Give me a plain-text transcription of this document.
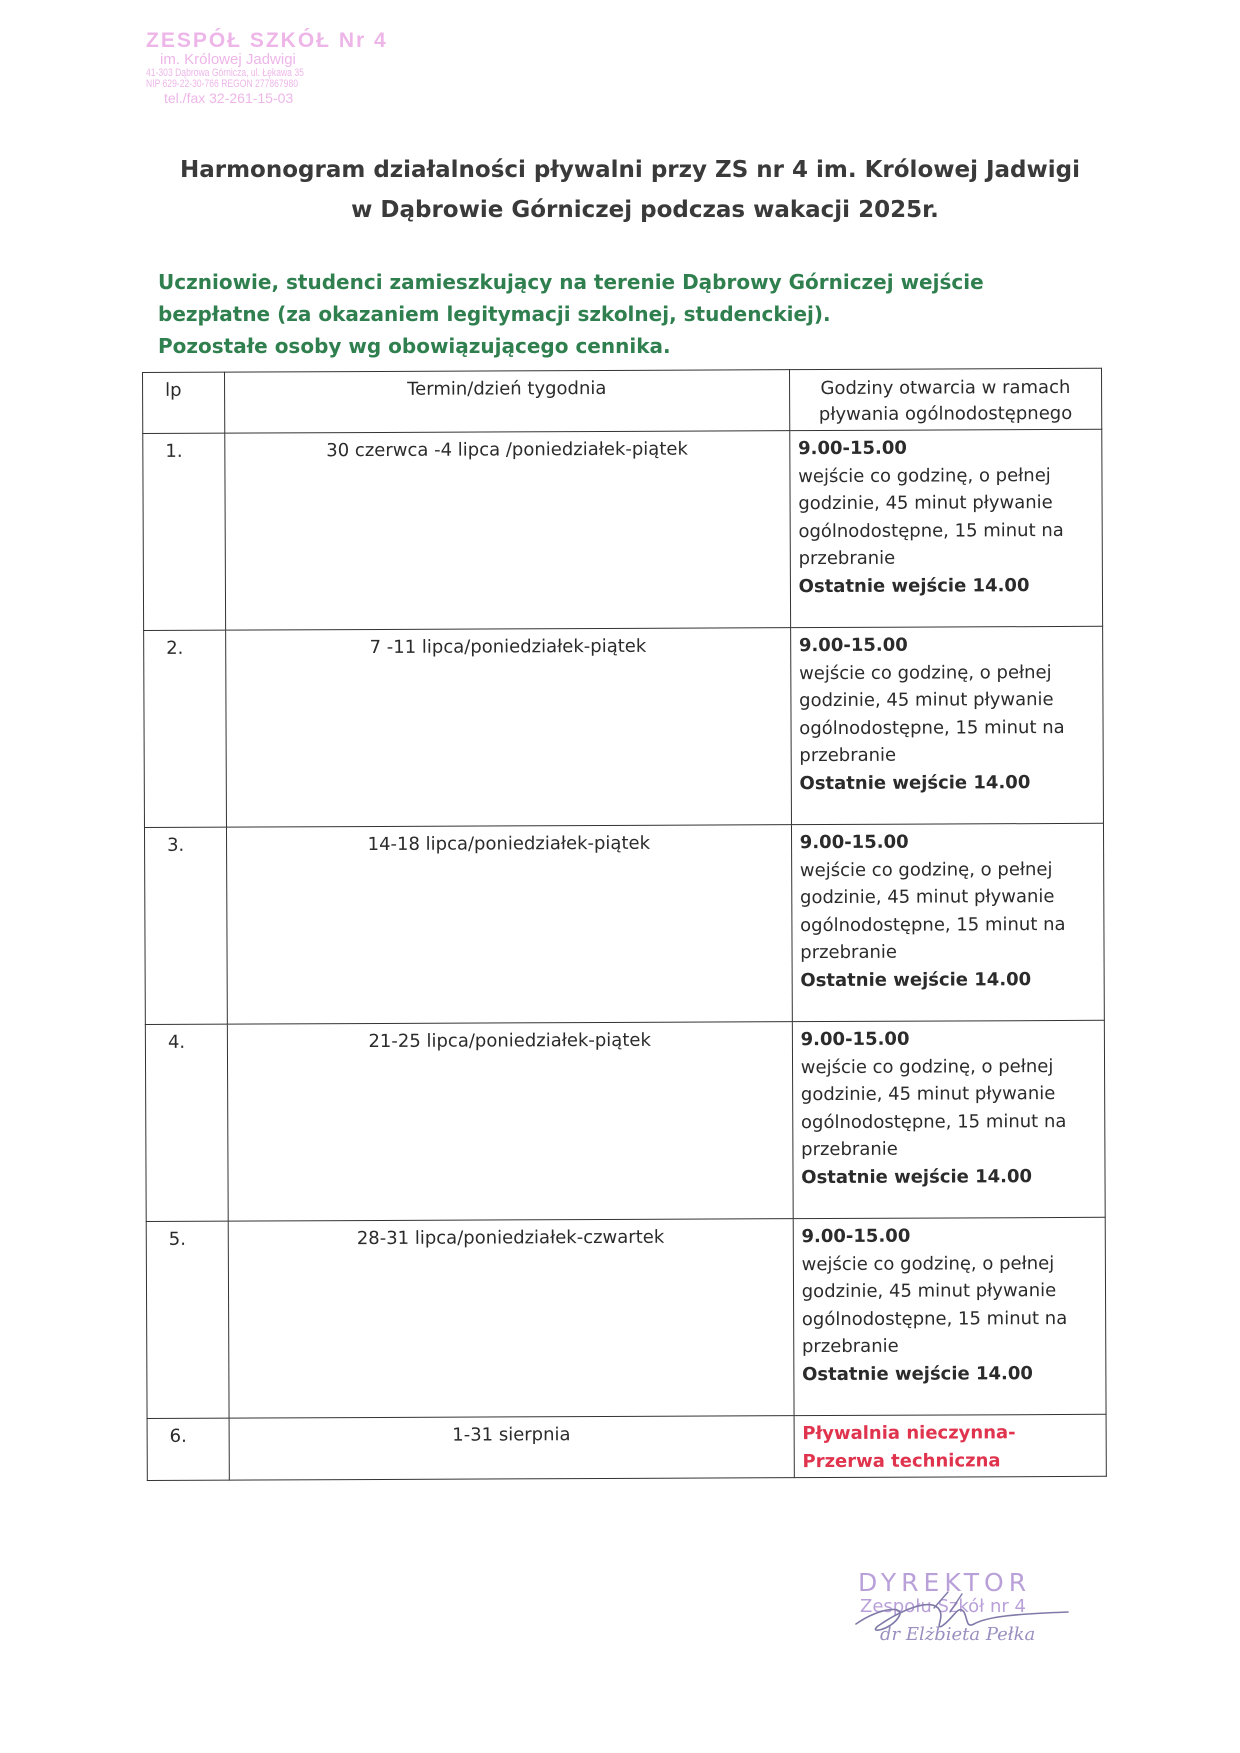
ZESPÓŁ SZKÓŁ Nr 4
im. Królowej Jadwigi
41-303 Dąbrowa Górnicza, ul. Łękawa 35
NIP 629-22-30-766 REGON 277867980
tel./fax 32-261-15-03
Harmonogram działalności pływalni przy ZS nr 4 im. Królowej Jadwigi
w Dąbrowie Górniczej podczas wakacji 2025r.
Uczniowie, studenci zamieszkujący na terenie Dąbrowy Górniczej wejście bezpłatne (za okazaniem legitymacji szkolnej, studenckiej).
Pozostałe osoby wg obowiązującego cennika.
lp	Termin/dzień tygodnia	Godziny otwarcia w ramach pływania ogólnodostępnego
1.	30 czerwca -4 lipca /poniedziałek-piątek	9.00-15.00
wejście co godzinę, o pełnej godzinie, 45 minut pływanie ogólnodostępne, 15 minut na przebranie
Ostatnie wejście 14.00

2.	7 -11 lipca/poniedziałek-piątek	9.00-15.00
wejście co godzinę, o pełnej godzinie, 45 minut pływanie ogólnodostępne, 15 minut na przebranie
Ostatnie wejście 14.00

3.	14-18 lipca/poniedziałek-piątek	9.00-15.00
wejście co godzinę, o pełnej godzinie, 45 minut pływanie ogólnodostępne, 15 minut na przebranie
Ostatnie wejście 14.00

4.	21-25 lipca/poniedziałek-piątek	9.00-15.00
wejście co godzinę, o pełnej godzinie, 45 minut pływanie ogólnodostępne, 15 minut na przebranie
Ostatnie wejście 14.00

5.	28-31 lipca/poniedziałek-czwartek	9.00-15.00
wejście co godzinę, o pełnej godzinie, 45 minut pływanie ogólnodostępne, 15 minut na przebranie
Ostatnie wejście 14.00

6.	1-31 sierpnia	Pływalnia nieczynna-Przerwa techniczna
DYREKTOR
Zespołu Szkół nr 4
dr Elżbieta Pełka
